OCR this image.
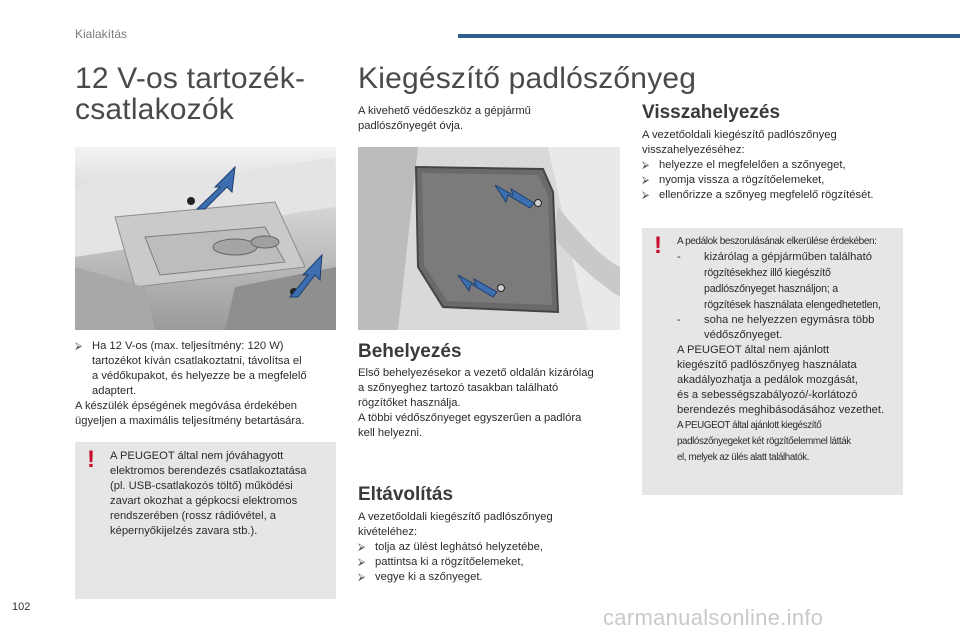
Kialakítás
12 V-os tartozék-
csatlakozók
⮚ Ha 12 V-os (max. teljesítmény: 120 W)
tartozékot kíván csatlakoztatni, távolítsa el
a védőkupakot, és helyezze be a megfelelő
adaptert.
A készülék épségének megóvása érdekében
ügyeljen a maximális teljesítmény betartására.
! A PEUGEOT által nem jóváhagyott
elektromos berendezés csatlakoztatása
(pl. USB-csatlakozós töltő) működési
zavart okozhat a gépkocsi elektromos
rendszerében (rossz rádióvétel, a
képernyőkijelzés zavara stb.).
Kiegészítő padlószőnyeg
A kivehető védőeszköz a gépjármű
padlószőnyegét óvja.
Behelyezés
Első behelyezésekor a vezető oldalán kizárólag
a szőnyeghez tartozó tasakban található
rögzítőket használja.
A többi védőszőnyeget egyszerűen a padlóra
kell helyezni.
Eltávolítás
A vezetőoldali kiegészítő padlószőnyeg
kivételéhez:
⮚ tolja az ülést leghátsó helyzetébe,
⮚ pattintsa ki a rögzítőelemeket,
⮚ vegye ki a szőnyeget.
Visszahelyezés
A vezetőoldali kiegészítő padlószőnyeg
visszahelyezéséhez:
⮚ helyezze el megfelelően a szőnyeget,
⮚ nyomja vissza a rögzítőelemeket,
⮚ ellenőrizze a szőnyeg megfelelő rögzítését.
! A pedálok beszorulásának elkerülése érdekében:
-	kizárólag a gépjárműben található
rögzítésekhez illő kiegészítő
padlószőnyeget használjon; a
rögzítések használata elengedhetetlen,
-	soha ne helyezzen egymásra több
védőszőnyeget.
A PEUGEOT által nem ajánlott
kiegészítő padlószőnyeg használata
akadályozhatja a pedálok mozgását,
és a sebességszabályozó/-korlátozó
berendezés meghibásodásához vezethet.
A PEUGEOT által ajánlott kiegészítő
padlószőnyegeket két rögzítőelemmel látták
el, melyek az ülés alatt találhatók.
102	carmanualsonline.info
